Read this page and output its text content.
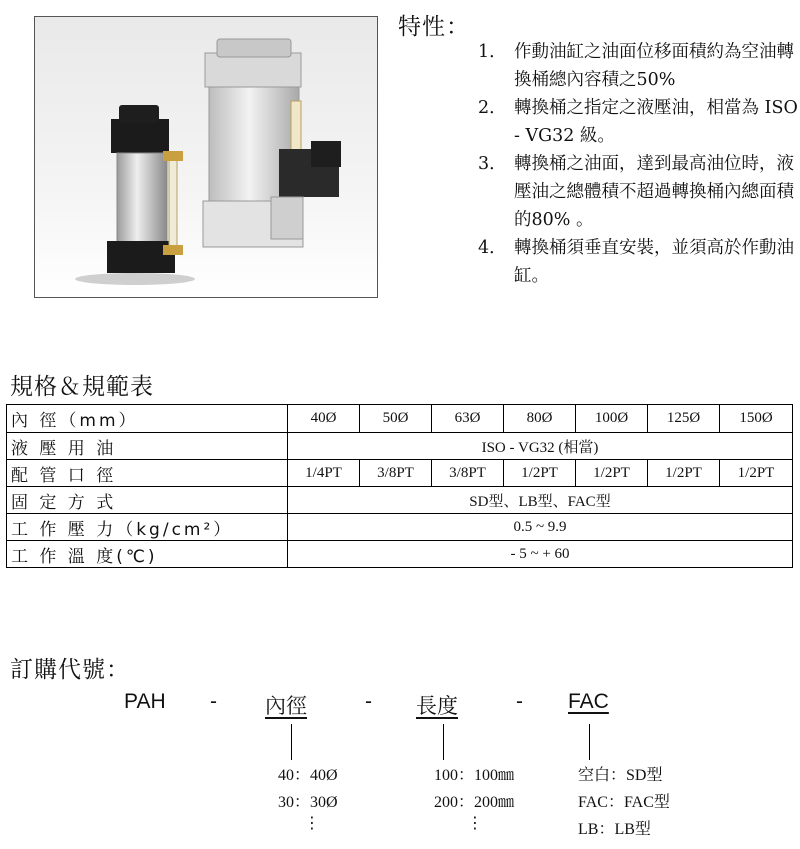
特性：
1． 作動油缸之油面位移面積約為空油轉換桶總內容積之50%
2． 轉換桶之指定之液壓油，相當為 ISO - VG32 級。
3． 轉換桶之油面，達到最高油位時，液壓油之總體積不超過轉換桶內總面積的80% 。
4． 轉換桶須垂直安裝，並須高於作動油缸。
規格＆規範表
內 徑（mm）	40Ø	50Ø	63Ø	80Ø	100Ø	125Ø	150Ø
液 壓 用 油	ISO - VG32 (相當)						
配 管 口 徑	1/4PT	3/8PT	3/8PT	1/2PT	1/2PT	1/2PT	1/2PT
固 定 方 式	SD型、LB型、FAC型						
工 作 壓 力（kg/cm²）	0.5 ~ 9.9						
工 作 溫 度(℃)	- 5 ~ + 60						
訂購代號：
PAH - 內徑	- 長度	- FAC
40：40Ø
30：30Ø
⋮
100：100㎜
200：200㎜
⋮
空白：SD型
FAC：FAC型
LB：LB型
